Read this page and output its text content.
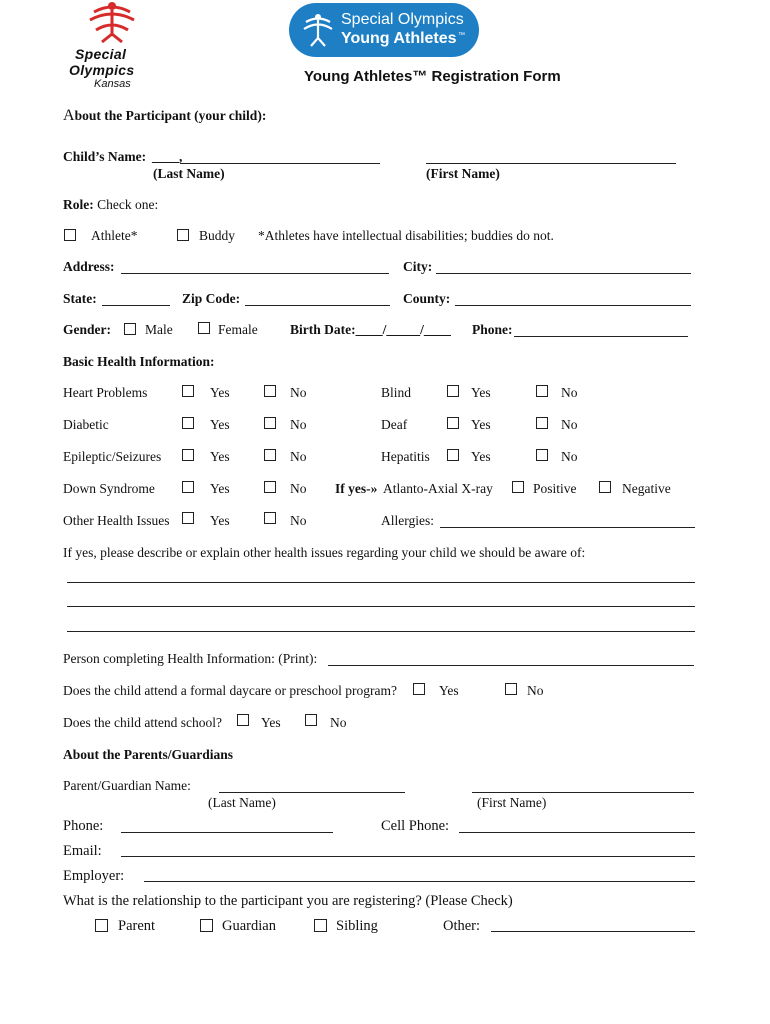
Special
Olympics
Kansas
Special Olympics
Young Athletes ™
Young Athletes™ Registration Form
About the Participant (your child):
Child’s Name: ____,
(Last Name)	(First Name)
Role: Check one:
Athlete*	Buddy *Athletes have intellectual disabilities; buddies do not.
Address:	City:
State:	Zip Code:	County:
Gender:	Male	Female Birth Date:____/_____/____ Phone:
Basic Health Information:
Heart Problems	Yes	No	Blind	Yes	No
Diabetic	Yes	No	Deaf	Yes	No
Epileptic/Seizures	Yes	No	Hepatitis	Yes	No
Down Syndrome	Yes	No If yes-» Atlanto-Axial X-ray	Positive	Negative
Other Health Issues	Yes	No	Allergies:
If yes, please describe or explain other health issues regarding your child we should be aware of:
Person completing Health Information: (Print):
Does the child attend a formal daycare or preschool program?	Yes	No
Does the child attend school?	Yes	No
About the Parents/Guardians
Parent/Guardian Name:
(Last Name)	(First Name)
Phone:	Cell Phone:
Email:
Employer:
What is the relationship to the participant you are registering? (Please Check)
Parent	Guardian	Sibling	Other:
